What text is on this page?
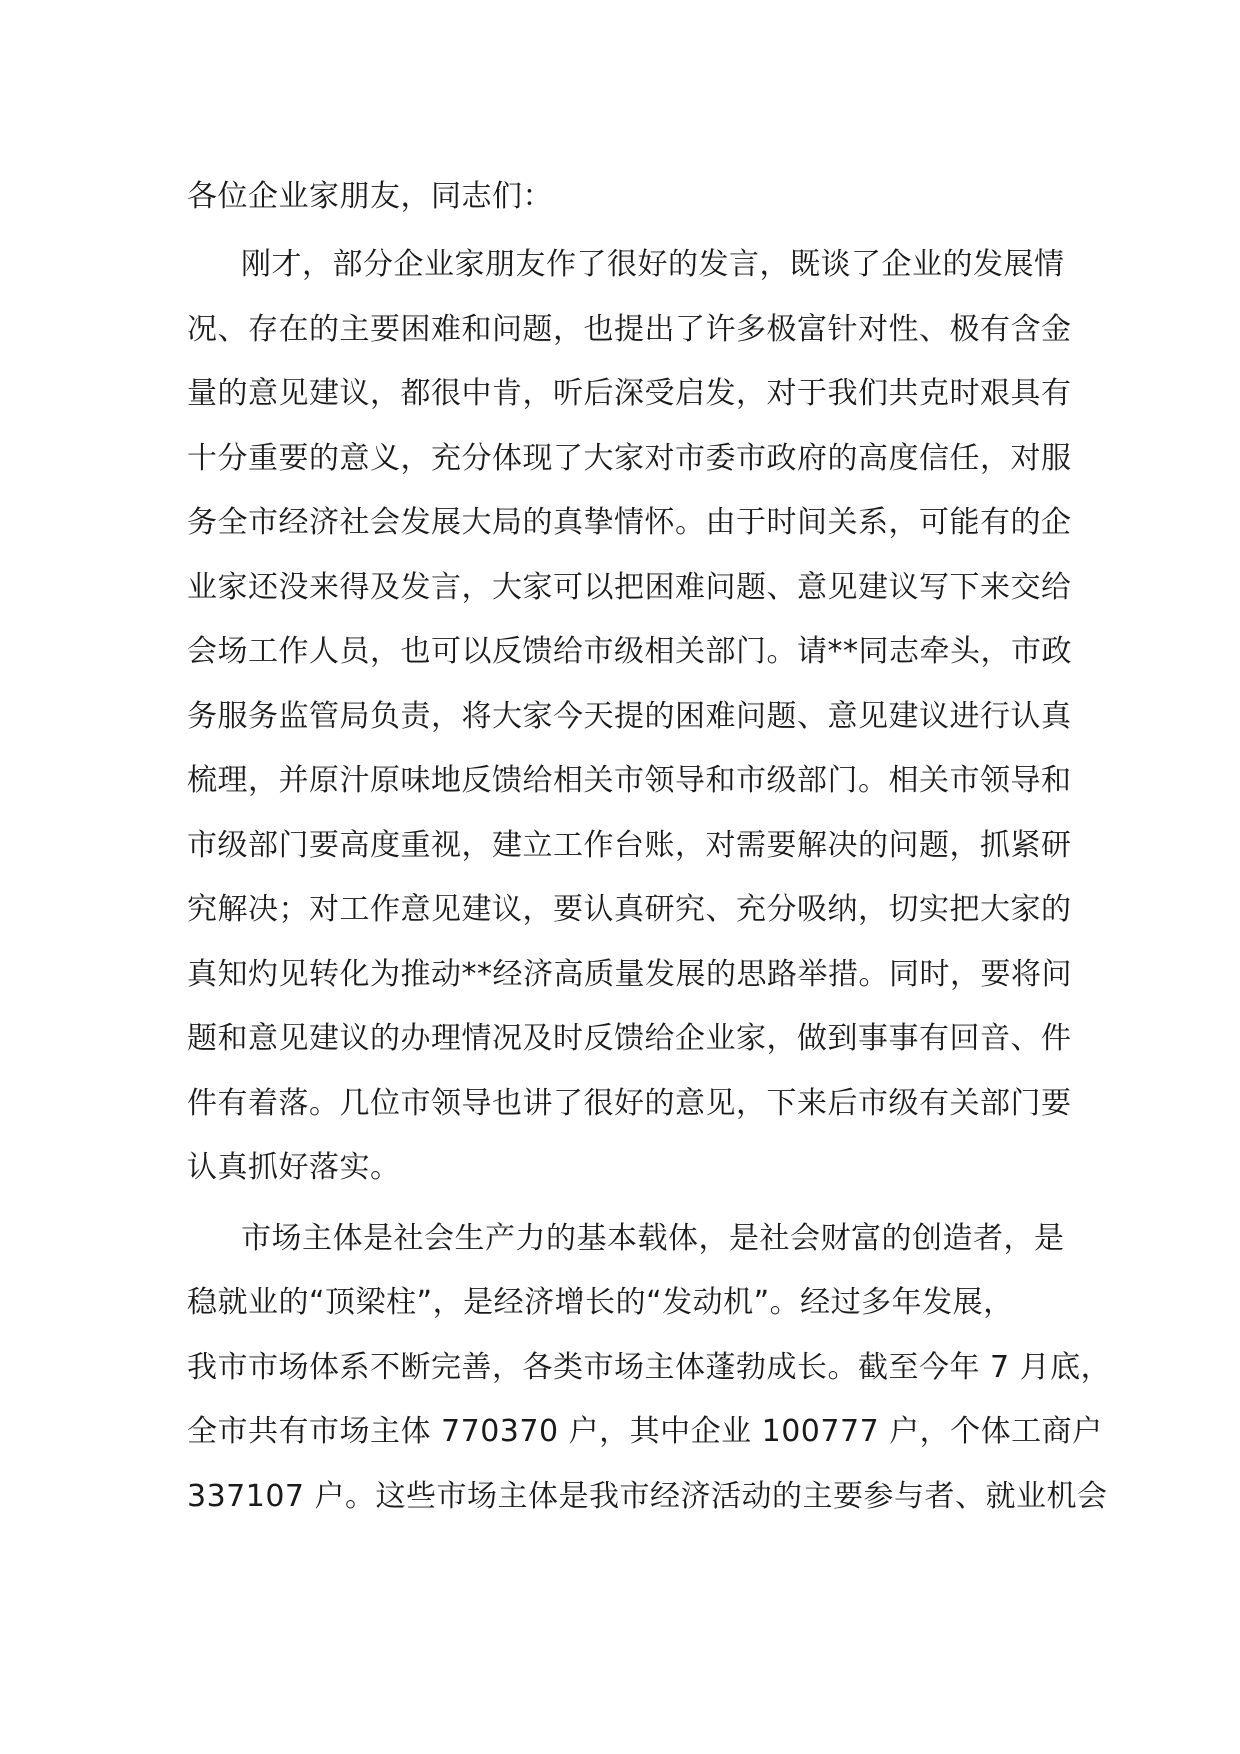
各位企业家朋友，同志们：

刚才，部分企业家朋友作了很好的发言，既谈了企业的发展情
况、存在的主要困难和问题，也提出了许多极富针对性、极有含金
量的意见建议，都很中肯，听后深受启发，对于我们共克时艰具有
十分重要的意义，充分体现了大家对市委市政府的高度信任，对服
务全市经济社会发展大局的真挚情怀。由于时间关系，可能有的企
业家还没来得及发言，大家可以把困难问题、意见建议写下来交给
会场工作人员，也可以反馈给市级相关部门。请**同志牵头，市政
务服务监管局负责，将大家今天提的困难问题、意见建议进行认真
梳理，并原汁原味地反馈给相关市领导和市级部门。相关市领导和
市级部门要高度重视，建立工作台账，对需要解决的问题，抓紧研
究解决；对工作意见建议，要认真研究、充分吸纳，切实把大家的
真知灼见转化为推动**经济高质量发展的思路举措。同时，要将问
题和意见建议的办理情况及时反馈给企业家，做到事事有回音、件
件有着落。几位市领导也讲了很好的意见，下来后市级有关部门要
认真抓好落实。

市场主体是社会生产力的基本载体，是社会财富的创造者，是
稳就业的“顶梁柱”，是经济增长的“发动机”。经过多年发展，
我市市场体系不断完善，各类市场主体蓬勃成长。截至今年 7 月底，
全市共有市场主体 770370 户，其中企业 100777 户，个体工商户
337107 户。这些市场主体是我市经济活动的主要参与者、就业机会
